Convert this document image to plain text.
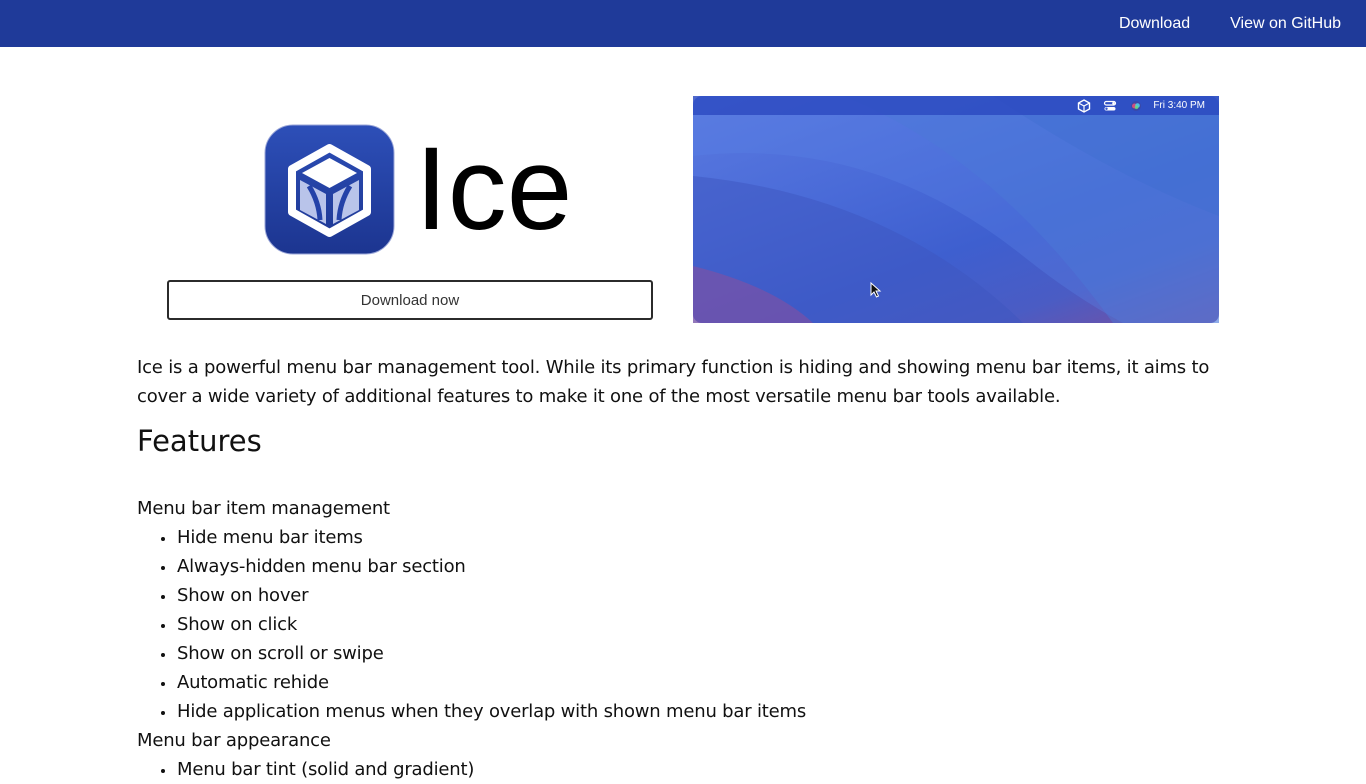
Download	View on GitHub
Ice
Download now
Fri 3:40 PM

Ice is a powerful menu bar management tool. While its primary function is hiding and showing menu bar items, it aims to cover a wide variety of additional features to make it one of the most versatile menu bar tools available.

Features
Menu bar item management
Hide menu bar items
Always-hidden menu bar section
Show on hover
Show on click
Show on scroll or swipe
Automatic rehide
Hide application menus when they overlap with shown menu bar items
Menu bar appearance
Menu bar tint (solid and gradient)
